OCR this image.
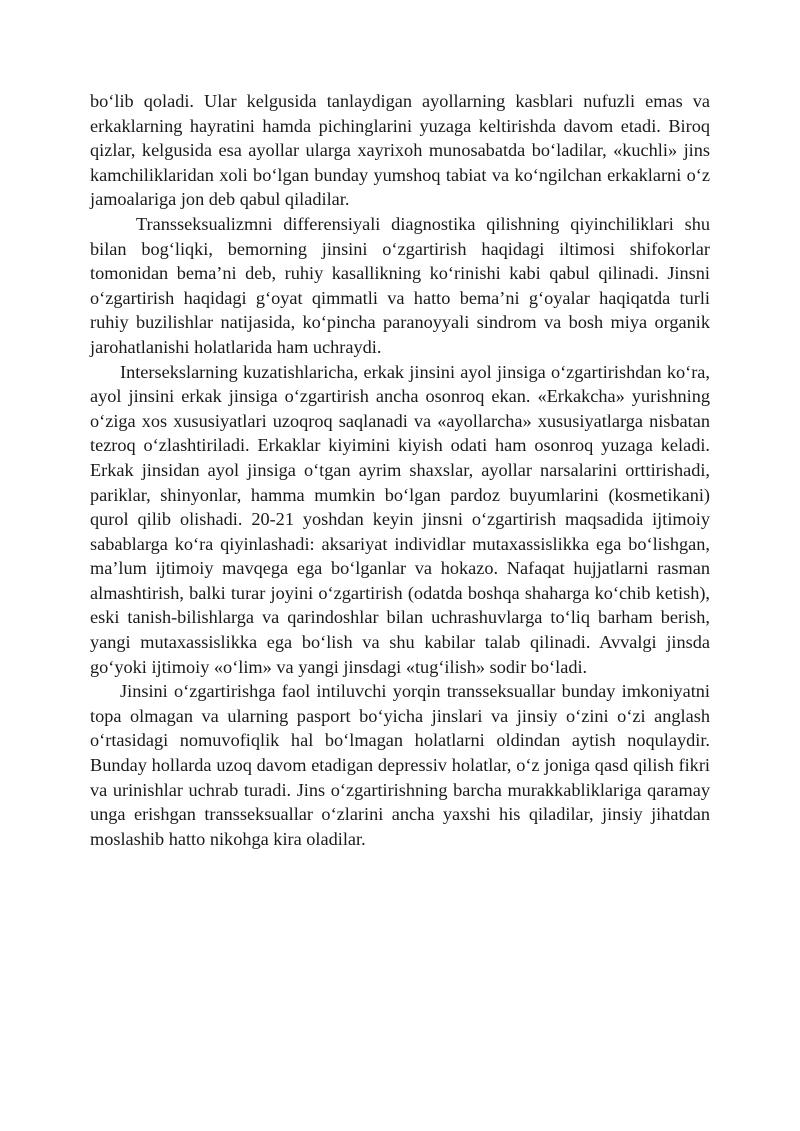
bo‘lib qoladi. Ular kelgusida tanlaydigan ayollarning kasblari nufuzli emas va erkaklarning hayratini hamda pichinglarini yuzaga keltirishda davom etadi. Biroq qizlar, kelgusida esa ayollar ularga xayrixoh munosabatda bo‘ladilar, «kuchli» jins kamchiliklaridan xoli bo‘lgan bunday yumshoq tabiat va ko‘ngilchan erkaklarni o‘z jamoalariga jon deb qabul qiladilar.

Transseksualizmni differensiyali diagnostika qilishning qiyinchiliklari shu bilan bog‘liqki, bemorning jinsini o‘zgartirish haqidagi iltimosi shifokorlar tomonidan bema’ni deb, ruhiy kasallikning ko‘rinishi kabi qabul qilinadi. Jinsni o‘zgartirish haqidagi g‘oyat qimmatli va hatto bema’ni g‘oyalar haqiqatda turli ruhiy buzilishlar natijasida, ko‘pincha paranoyyali sindrom va bosh miya organik jarohatlanishi holatlarida ham uchraydi.

Intersekslarning kuzatishlaricha, erkak jinsini ayol jinsiga o‘zgartirishdan ko‘ra, ayol jinsini erkak jinsiga o‘zgartirish ancha osonroq ekan. «Erkakcha» yurishning o‘ziga xos xususiyatlari uzoqroq saqlanadi va «ayollarcha» xususiyatlarga nisbatan tezroq o‘zlashtiriladi. Erkaklar kiyimini kiyish odati ham osonroq yuzaga keladi. Erkak jinsidan ayol jinsiga o‘tgan ayrim shaxslar, ayollar narsalarini orttirishadi, pariklar, shinyonlar, hamma mumkin bo‘lgan pardoz buyumlarini (kosmetikani) qurol qilib olishadi. 20-21 yoshdan keyin jinsni o‘zgartirish maqsadida ijtimoiy sabablarga ko‘ra qiyinlashadi: aksariyat individlar mutaxassislikka ega bo‘lishgan, ma’lum ijtimoiy mavqega ega bo‘lganlar va hokazo. Nafaqat hujjatlarni rasman almashtirish, balki turar joyini o‘zgartirish (odatda boshqa shaharga ko‘chib ketish), eski tanish-bilishlarga va qarindoshlar bilan uchrashuvlarga to‘liq barham berish, yangi mutaxassislikka ega bo‘lish va shu kabilar talab qilinadi. Avvalgi jinsda go‘yoki ijtimoiy «o‘lim» va yangi jinsdagi «tug‘ilish» sodir bo‘ladi.

Jinsini o‘zgartirishga faol intiluvchi yorqin transseksuallar bunday imkoniyatni topa olmagan va ularning pasport bo‘yicha jinslari va jinsiy o‘zini o‘zi anglash o‘rtasidagi nomuvofiqlik hal bo‘lmagan holatlarni oldindan aytish noqulaydir. Bunday hollarda uzoq davom etadigan depressiv holatlar, o‘z joniga qasd qilish fikri va urinishlar uchrab turadi. Jins o‘zgartirishning barcha murakkabliklariga qaramay unga erishgan transseksuallar o‘zlarini ancha yaxshi his qiladilar, jinsiy jihatdan moslashib hatto nikohga kira oladilar.
